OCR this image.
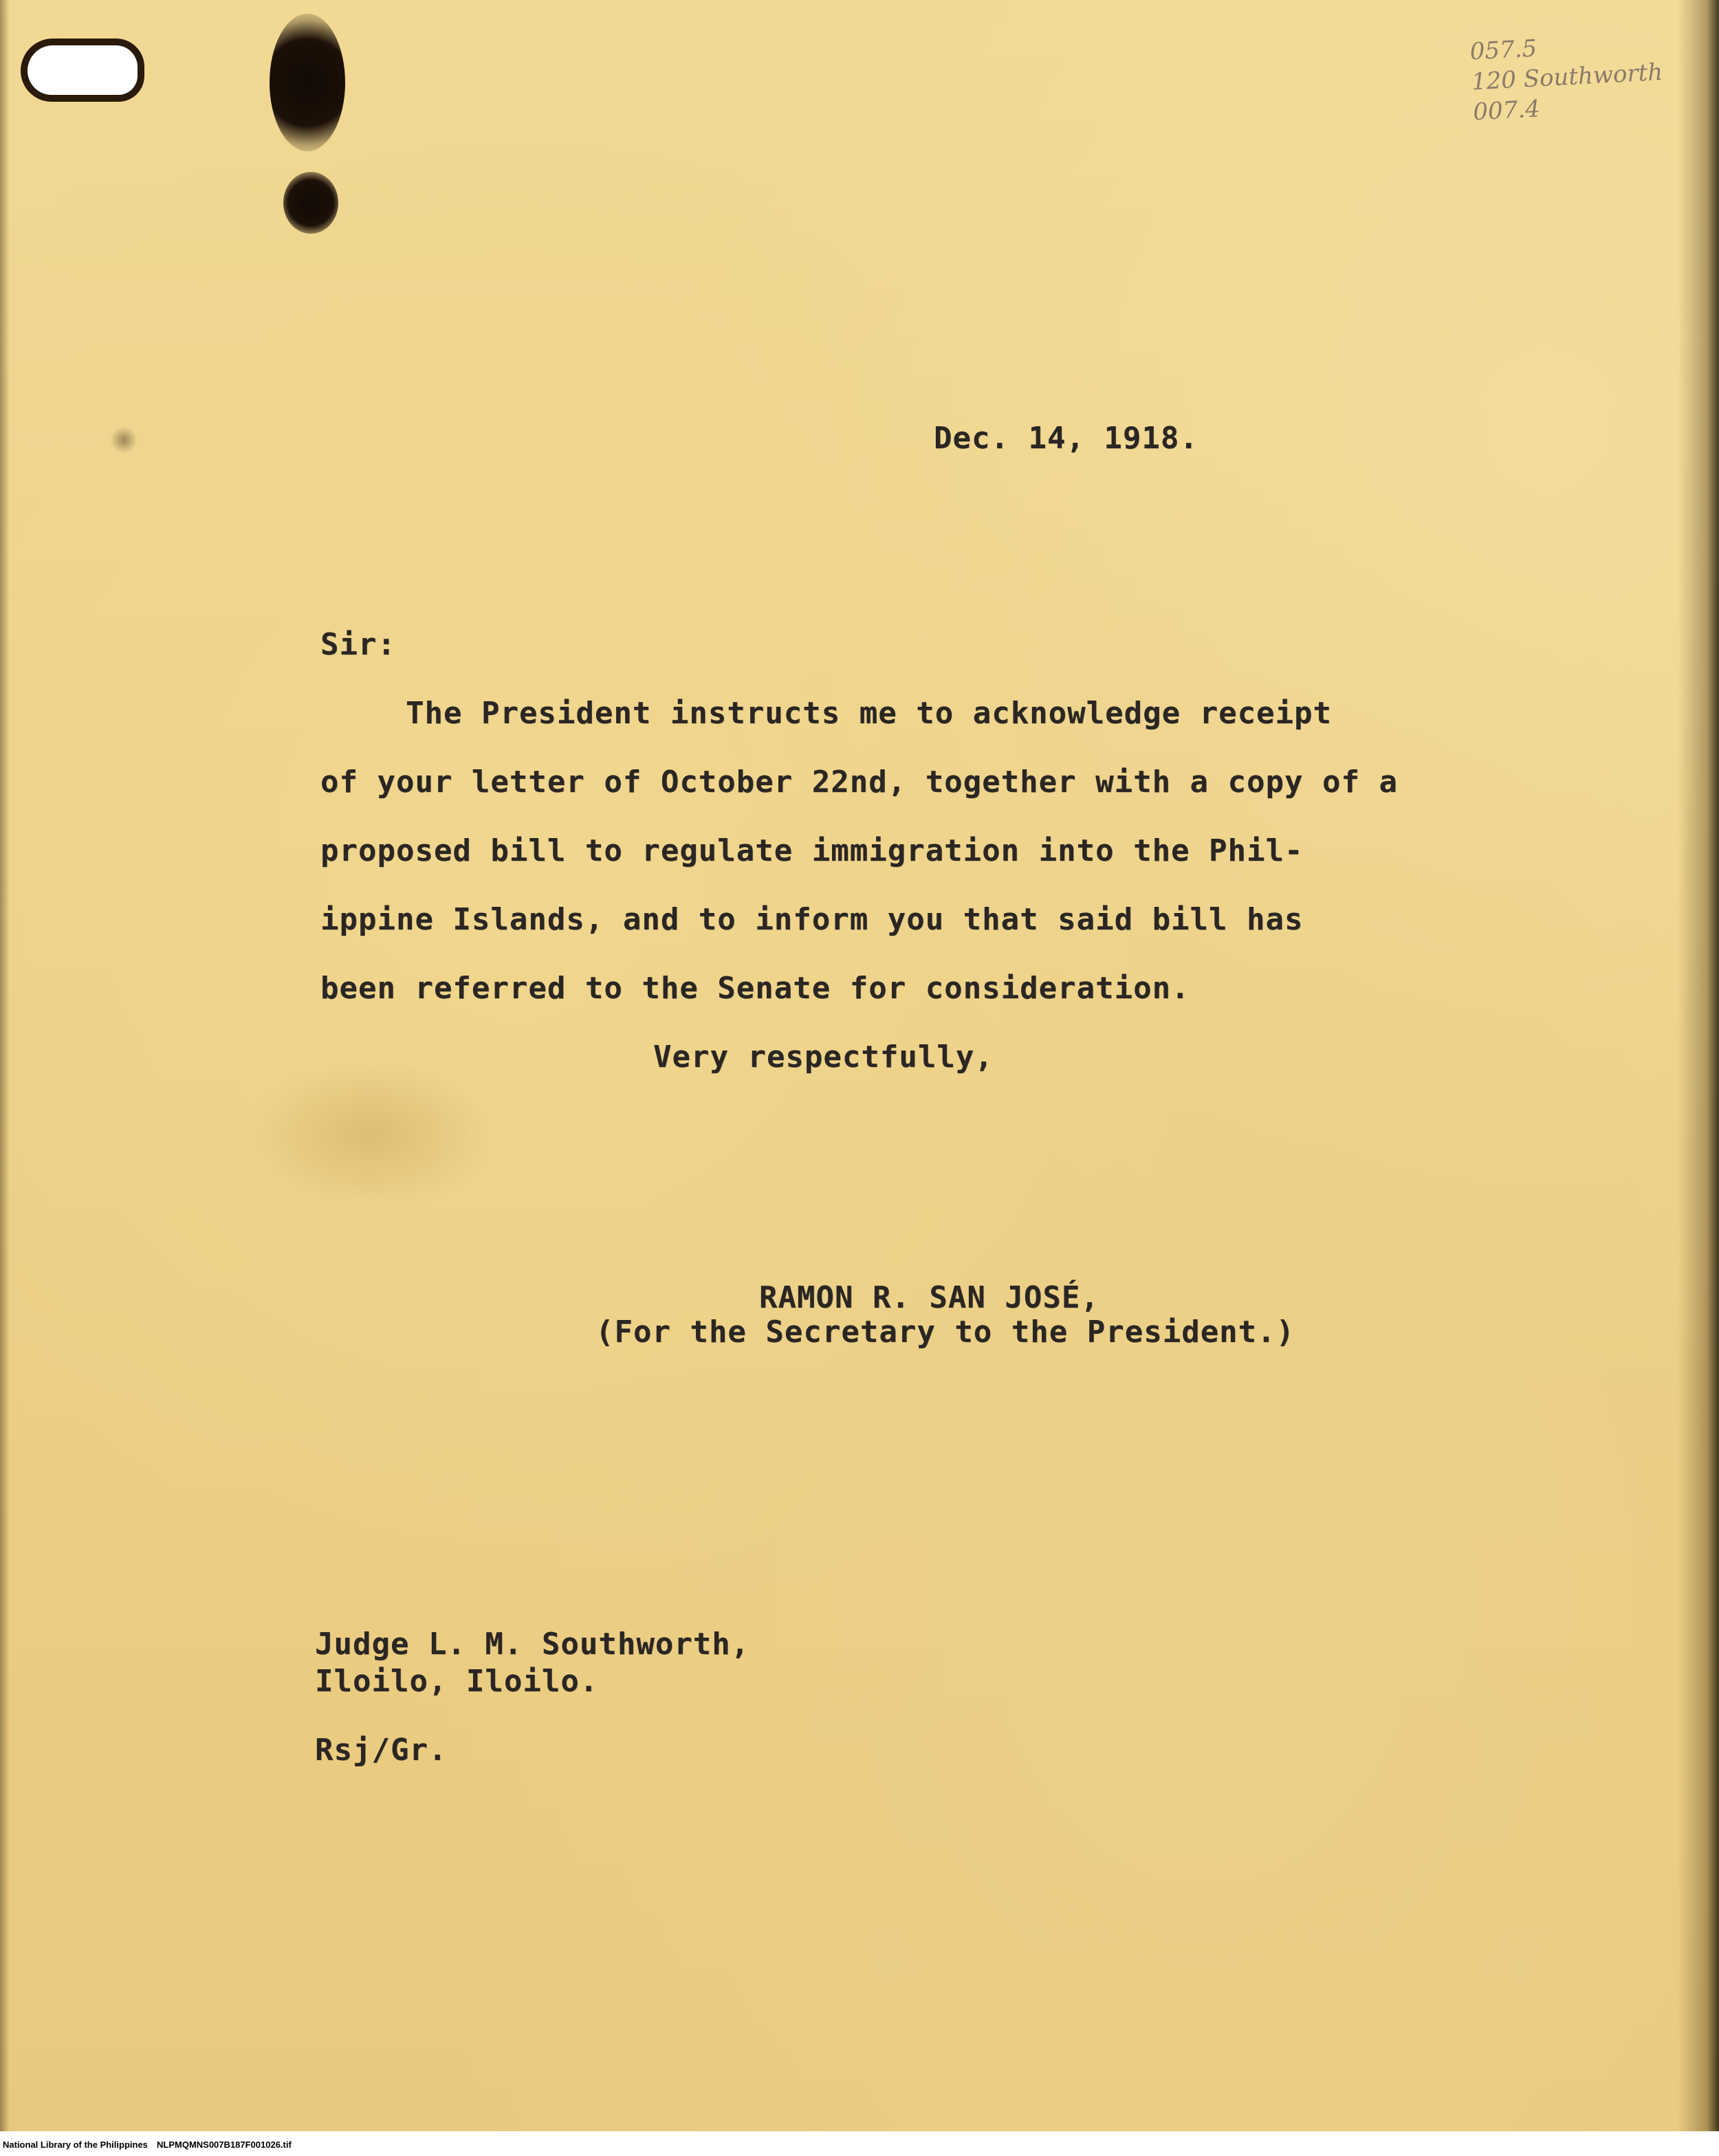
057.5
120 Southworth
007.4
Dec. 14, 1918.
Sir:
The President instructs me to acknowledge receipt
of your letter of October 22nd, together with a copy of a
proposed bill to regulate immigration into the Phil-
ippine Islands, and to inform you that said bill has
been referred to the Senate for consideration.
Very respectfully,
RAMON R. SAN JOSÉ,
(For the Secretary to the President.)
Judge L. M. Southworth,
Iloilo, Iloilo.
Rsj/Gr.
National Library of the Philippines NLPMQMNS007B187F001026.tif
